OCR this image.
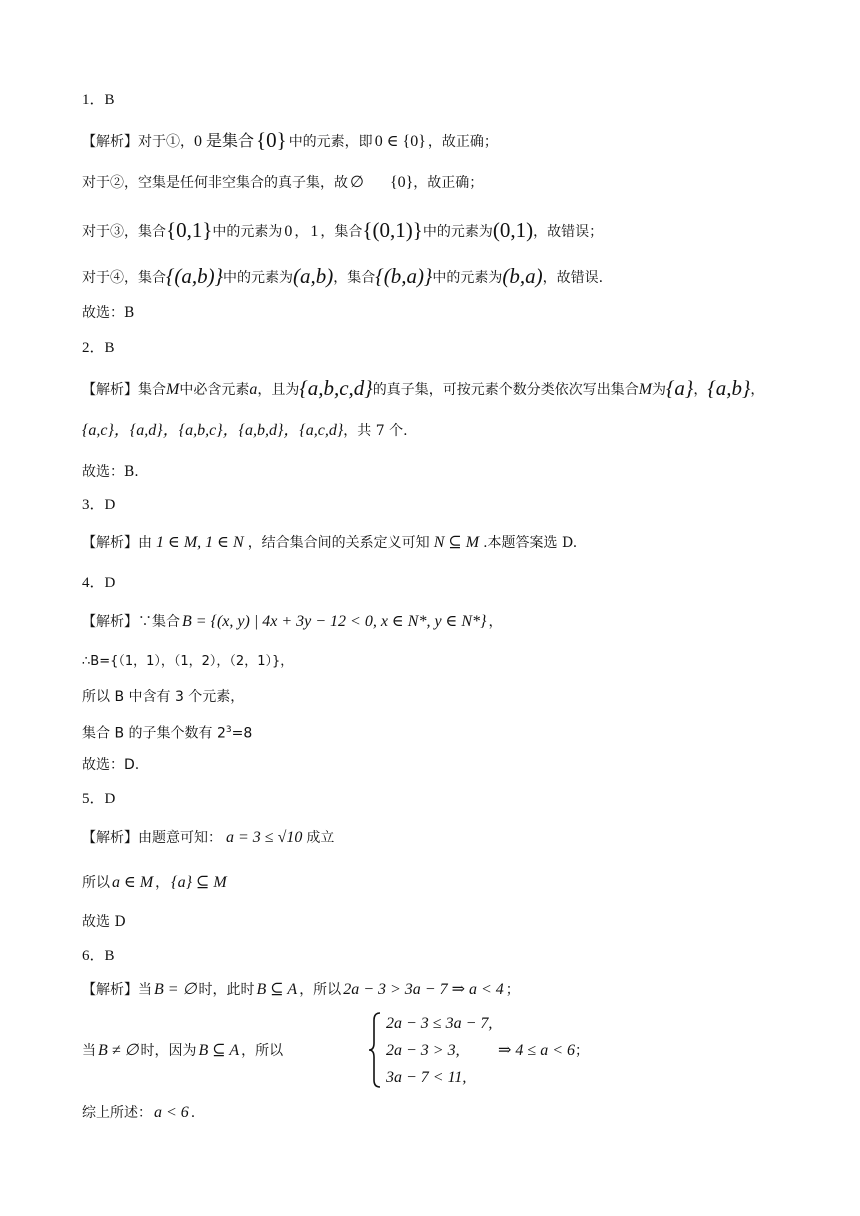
1．B
【解析】对于①，0 是集合{0} 中的元素，即 0 ∈ {0} ，故正确；
对于②，空集是任何非空集合的真子集，故 ∅ {0}，故正确；
对于③，集合{0,1}中的元素为 0 ， 1 ，集合{(0,1)}中的元素为(0,1)，故错误；
对于④，集合{(a,b)}中的元素为(a,b)，集合{(b,a)}中的元素为(b,a)，故错误.
故选：B
2．B
【解析】集合M中必含元素a，且为{a,b,c,d}的真子集，可按元素个数分类依次写出集合M为{a}，{a,b}，
{a,c}，{a,d}，{a,b,c}，{a,b,d}，{a,c,d}，共 7 个.
故选：B.
3．D
【解析】由 1 ∈ M, 1 ∈ N ，结合集合间的关系定义可知 N ⊆ M .本题答案选 D.
4．D
【解析】∵集合 B = {(x, y) | 4x + 3y − 12 < 0, x ∈ N*, y ∈ N*} ，
∴B={（1，1），（1，2），（2，1）}，
所以 B 中含有 3 个元素，
集合 B 的子集个数有 $2^3=8$
故选：D.
5．D
【解析】由题意可知： a = 3 ≤ √10 成立
所以 a ∈ M ， {a} ⊆ M
故选 D
6．B
【解析】当 B = ∅ 时，此时 B ⊆ A ，所以 2a − 3 > 3a − 7 ⇒ a < 4 ；
当 B ≠ ∅ 时，因为 B ⊆ A ，所以
2a − 3 ≤ 3a − 7,
2a − 3 > 3,
3a − 7 < 11,
⇒ 4 ≤ a < 6；
综上所述： a < 6 .
